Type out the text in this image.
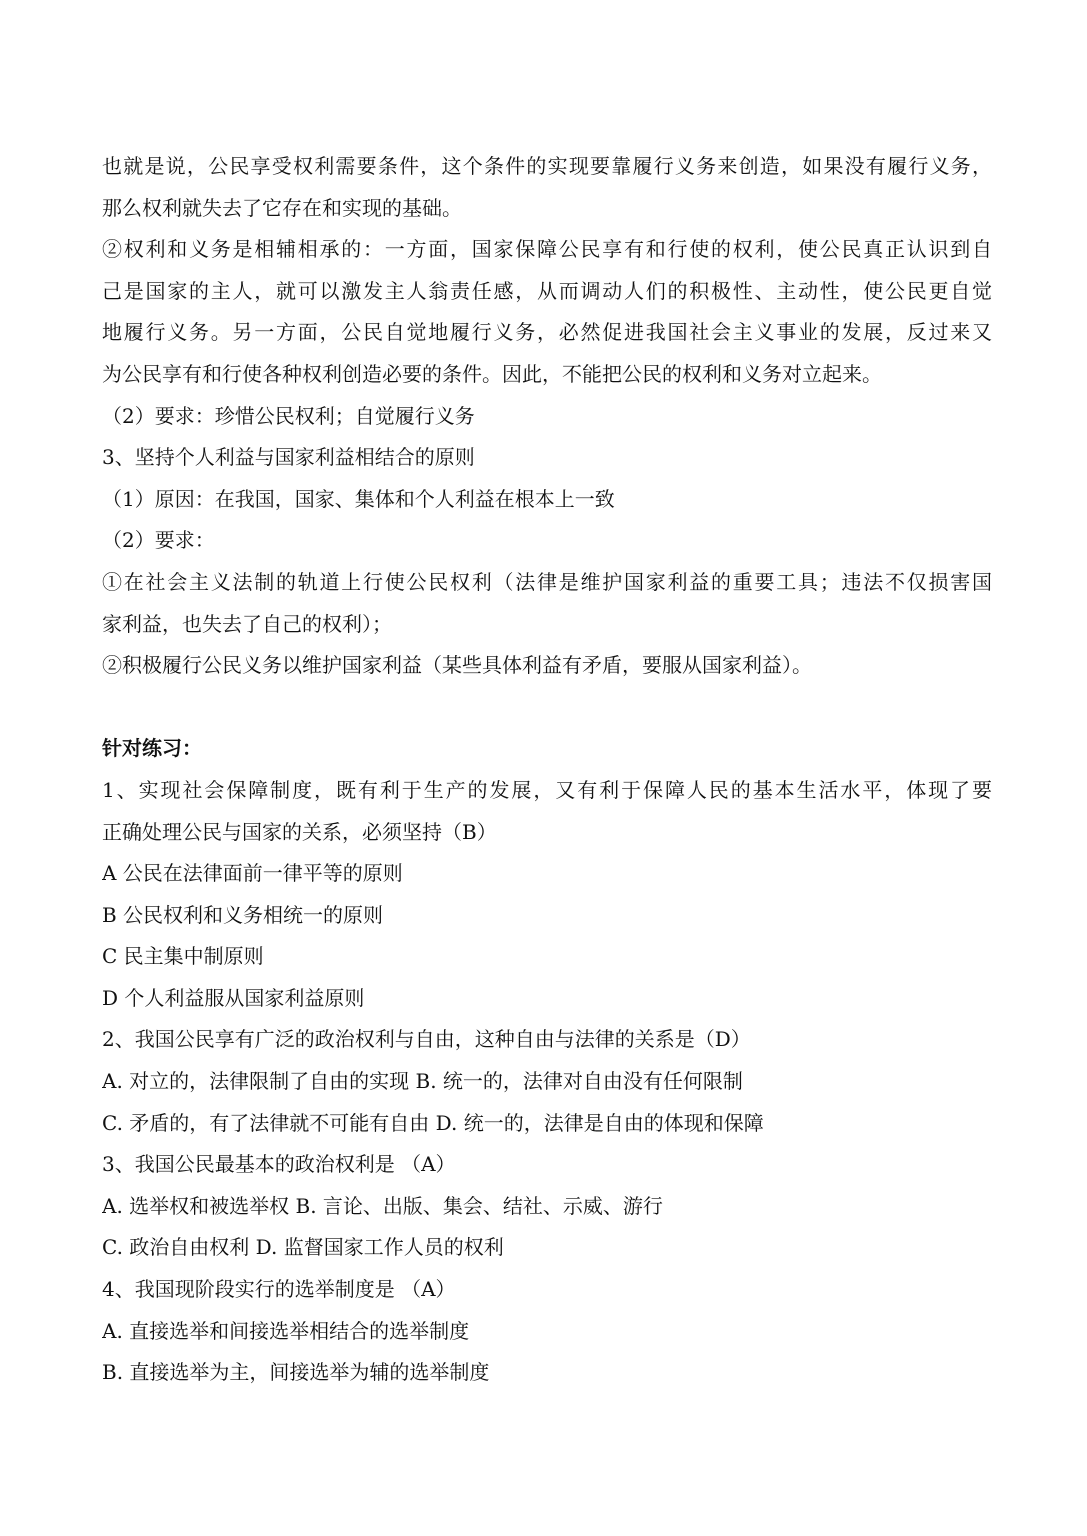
也就是说，公民享受权利需要条件，这个条件的实现要靠履行义务来创造，如果没有履行义务，
那么权利就失去了它存在和实现的基础。
②权利和义务是相辅相承的：一方面，国家保障公民享有和行使的权利，使公民真正认识到自
己是国家的主人，就可以激发主人翁责任感，从而调动人们的积极性、主动性，使公民更自觉
地履行义务。另一方面，公民自觉地履行义务，必然促进我国社会主义事业的发展，反过来又
为公民享有和行使各种权利创造必要的条件。因此，不能把公民的权利和义务对立起来。
（2）要求：珍惜公民权利；自觉履行义务
3、坚持个人利益与国家利益相结合的原则
（1）原因：在我国，国家、集体和个人利益在根本上一致
（2）要求：
①在社会主义法制的轨道上行使公民权利（法律是维护国家利益的重要工具；违法不仅损害国
家利益，也失去了自己的权利）；
②积极履行公民义务以维护国家利益（某些具体利益有矛盾，要服从国家利益）。
针对练习：
1、实现社会保障制度，既有利于生产的发展，又有利于保障人民的基本生活水平，体现了要
正确处理公民与国家的关系，必须坚持（B）
A 公民在法律面前一律平等的原则
B 公民权利和义务相统一的原则
C 民主集中制原则
D 个人利益服从国家利益原则
2、我国公民享有广泛的政治权利与自由，这种自由与法律的关系是（D）
A. 对立的，法律限制了自由的实现 B. 统一的，法律对自由没有任何限制
C. 矛盾的，有了法律就不可能有自由 D. 统一的，法律是自由的体现和保障
3、我国公民最基本的政治权利是 （A）
A. 选举权和被选举权 B. 言论、出版、集会、结社、示威、游行
C. 政治自由权利 D. 监督国家工作人员的权利
4、我国现阶段实行的选举制度是 （A）
A. 直接选举和间接选举相结合的选举制度
B. 直接选举为主，间接选举为辅的选举制度
